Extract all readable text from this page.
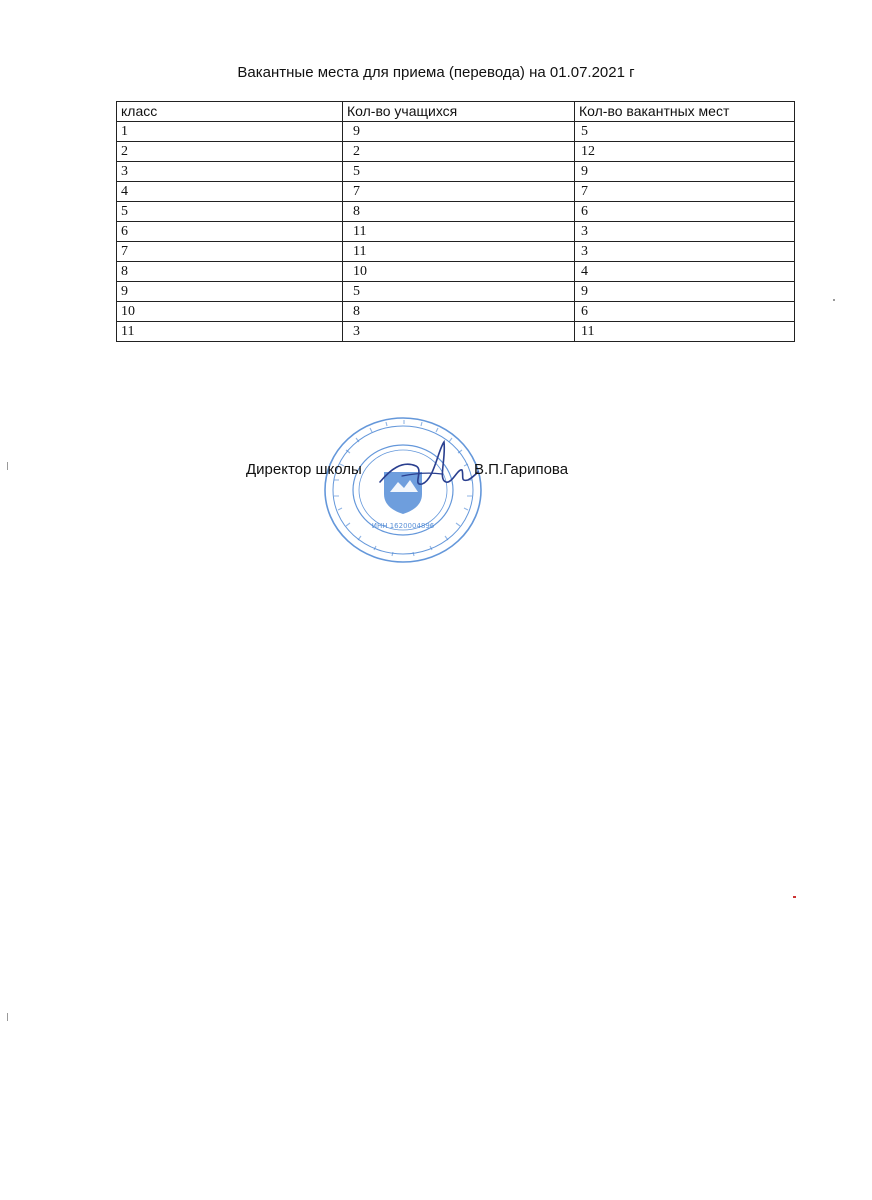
Вакантные места для приема (перевода) на 01.07.2021 г
класс	Кол-во учащихся	Кол-во вакантных мест
1	9	5
2	2	12
3	5	9
4	7	7
5	8	6
6	11	3
7	11	3
8	10	4
9	5	9
10	8	6
11	3	11
ИНН 1620004896
Директор школы	В.П.Гарипова
